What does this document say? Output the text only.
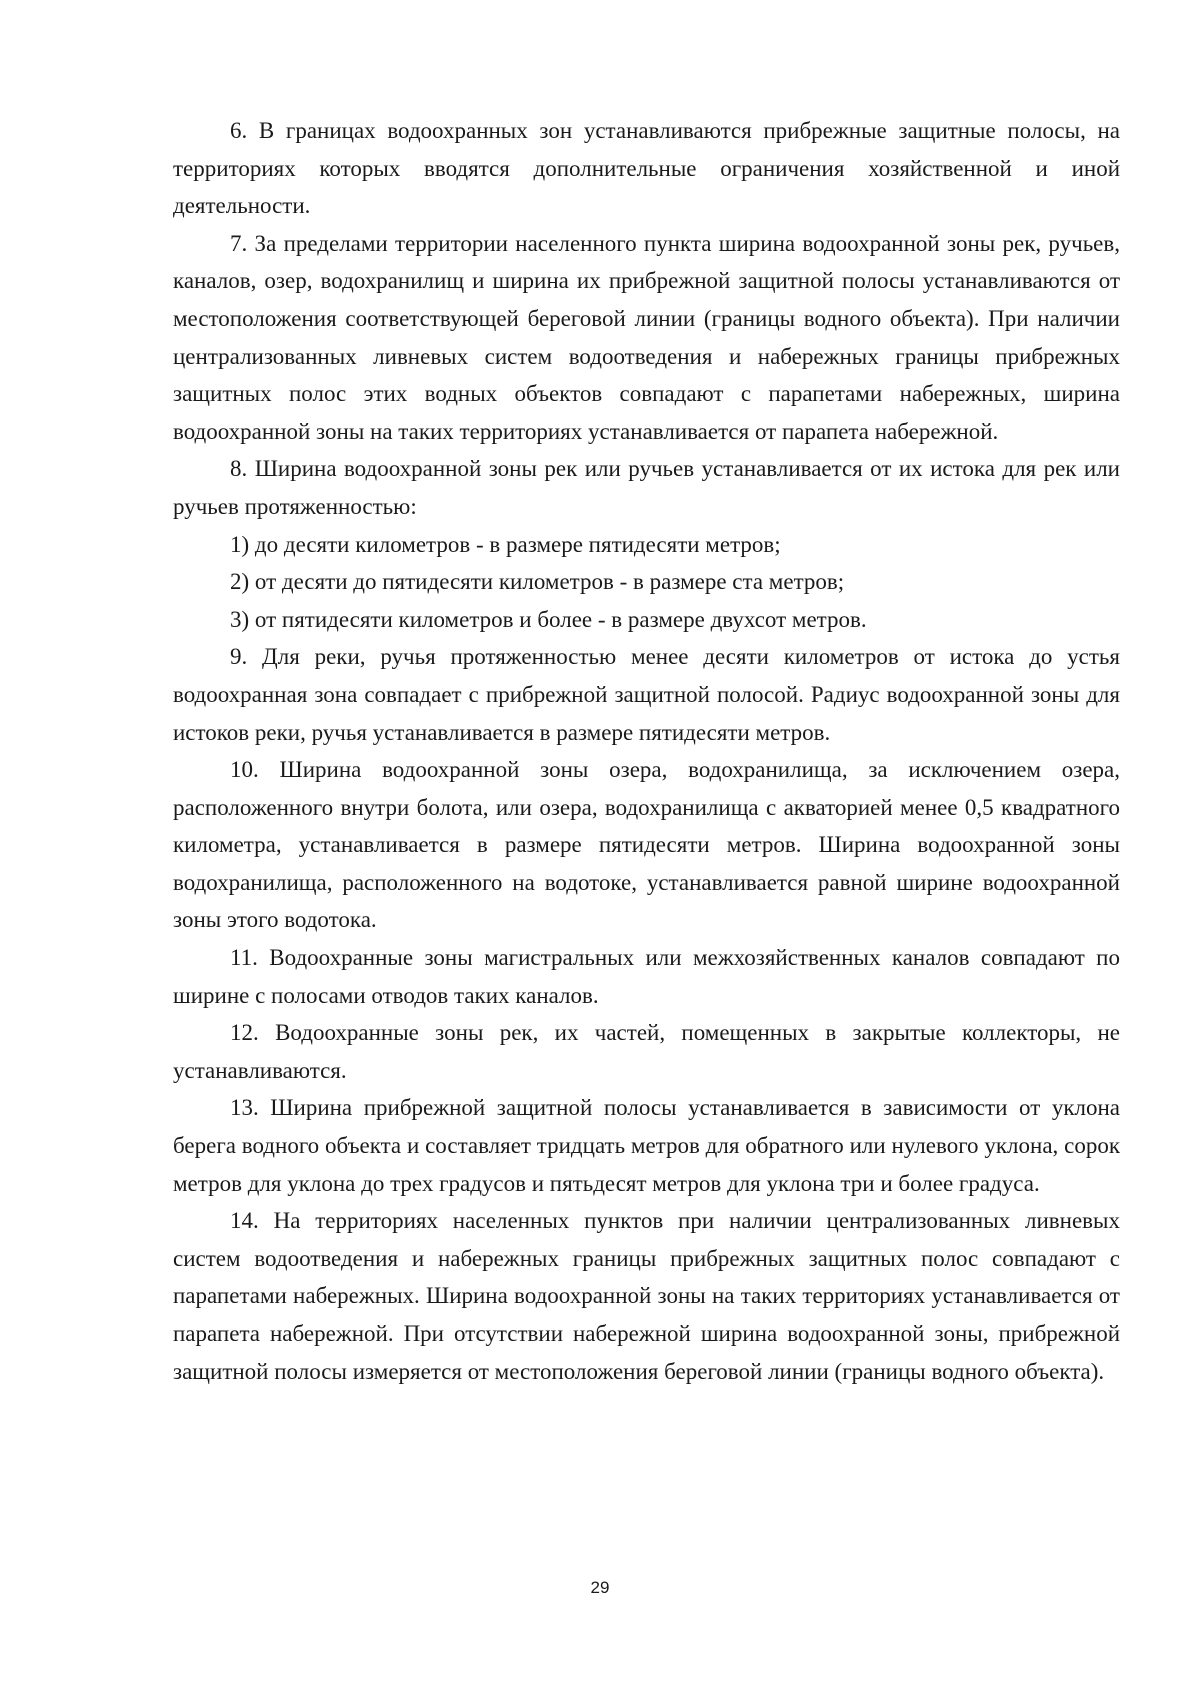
6. В границах водоохранных зон устанавливаются прибрежные защитные полосы, на территориях которых вводятся дополнительные ограничения хозяйственной и иной деятельности.

7. За пределами территории населенного пункта ширина водоохранной зоны рек, ручьев, каналов, озер, водохранилищ и ширина их прибрежной защитной полосы устанавливаются от местоположения соответствующей береговой линии (границы водного объекта). При наличии централизованных ливневых систем водоотведения и набережных границы прибрежных защитных полос этих водных объектов совпадают с парапетами набережных, ширина водоохранной зоны на таких территориях устанавливается от парапета набережной.

8. Ширина водоохранной зоны рек или ручьев устанавливается от их истока для рек или ручьев протяженностью:

1) до десяти километров - в размере пятидесяти метров;

2) от десяти до пятидесяти километров - в размере ста метров;

3) от пятидесяти километров и более - в размере двухсот метров.

9. Для реки, ручья протяженностью менее десяти километров от истока до устья водоохранная зона совпадает с прибрежной защитной полосой. Радиус водоохранной зоны для истоков реки, ручья устанавливается в размере пятидесяти метров.

10. Ширина водоохранной зоны озера, водохранилища, за исключением озера, расположенного внутри болота, или озера, водохранилища с акваторией менее 0,5 квадратного километра, устанавливается в размере пятидесяти метров. Ширина водоохранной зоны водохранилища, расположенного на водотоке, устанавливается равной ширине водоохранной зоны этого водотока.

11. Водоохранные зоны магистральных или межхозяйственных каналов совпадают по ширине с полосами отводов таких каналов.

12. Водоохранные зоны рек, их частей, помещенных в закрытые коллекторы, не устанавливаются.

13. Ширина прибрежной защитной полосы устанавливается в зависимости от уклона берега водного объекта и составляет тридцать метров для обратного или нулевого уклона, сорок метров для уклона до трех градусов и пятьдесят метров для уклона три и более градуса.

14. На территориях населенных пунктов при наличии централизованных ливневых систем водоотведения и набережных границы прибрежных защитных полос совпадают с парапетами набережных. Ширина водоохранной зоны на таких территориях устанавливается от парапета набережной. При отсутствии набережной ширина водоохранной зоны, прибрежной защитной полосы измеряется от местоположения береговой линии (границы водного объекта).

29
